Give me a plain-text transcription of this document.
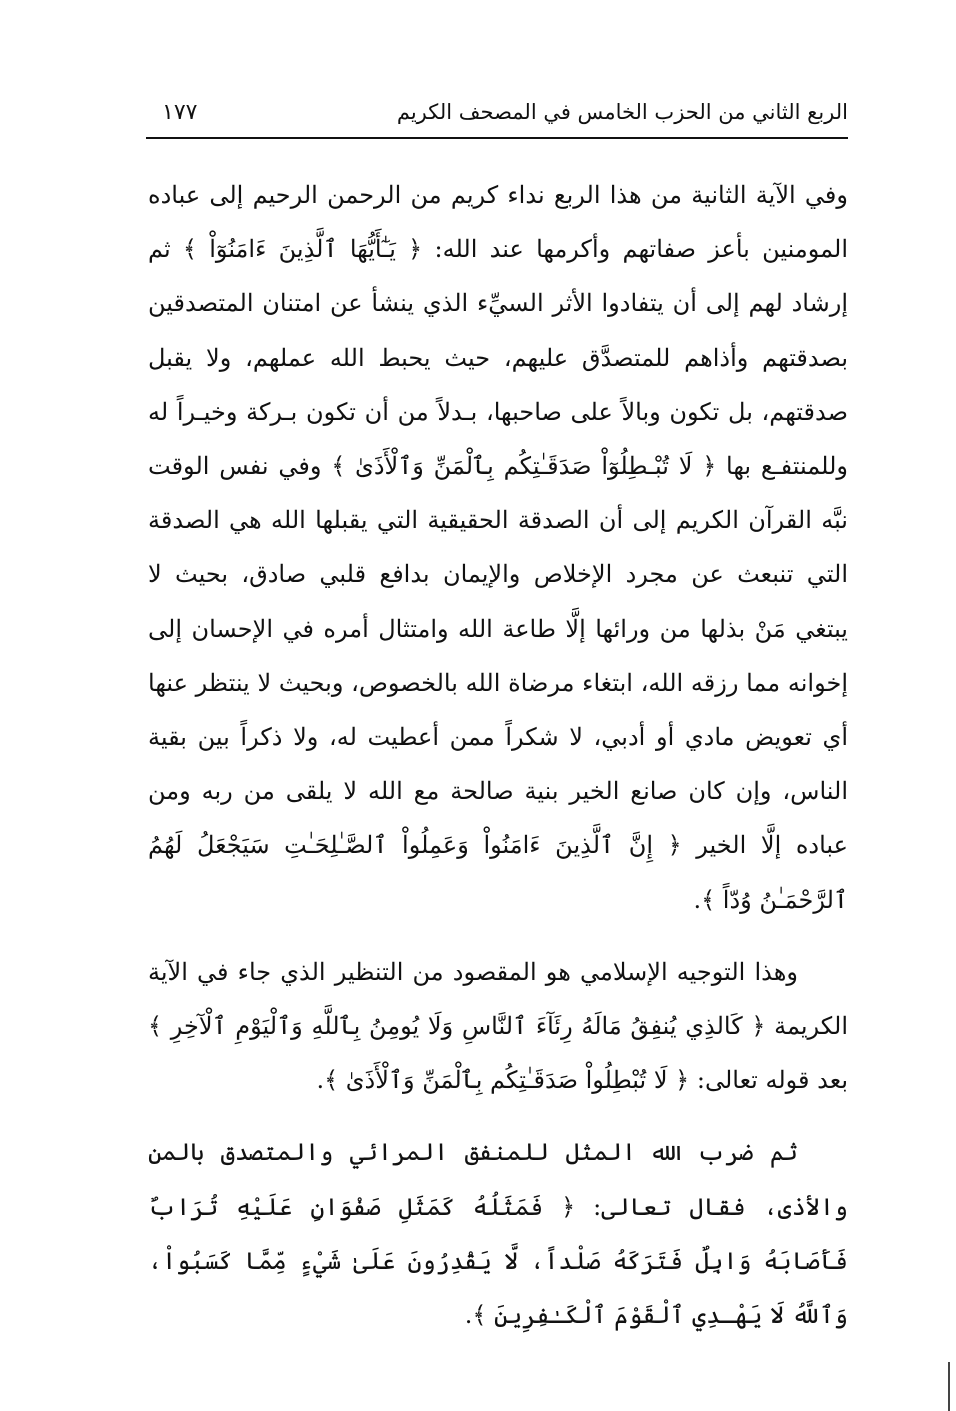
الربع الثاني من الحزب الخامس في المصحف الكريم
١٧٧

وفي الآية الثانية من هذا الربع نداء كريم من الرحمن الرحيم إلى عباده المومنين بأعز صفاتهم وأكرمها عند الله: ﴿ يَـٰٓأَيُّهَا ٱلَّذِينَ ءَامَنُوٓاْ ﴾ ثم إرشاد لهم إلى أن يتفادوا الأثر السيِّء الذي ينشأ عن امتنان المتصدقين بصدقتهم وأذاهم للمتصدَّق عليهم، حيث يحبط الله عملهم، ولا يقبل صدقتهم، بل تكون وبالاً على صاحبها، بـدلاً من أن تكون بـركة وخيـراً له وللمنتفـع بها ﴿ لَا تُبْـطِلُوٓاْ صَدَقَـٰتِكُم بِٱلْمَنِّ وَٱلْأَذَىٰ ﴾ وفي نفس الوقت نبَّه القرآن الكريم إلى أن الصدقة الحقيقية التي يقبلها الله هي الصدقة التي تنبعث عن مجرد الإخلاص والإيمان بدافع قلبي صادق، بحيث لا يبتغي مَنْ بذلها من ورائها إلَّا طاعة الله وامتثال أمره في الإحسان إلى إخوانه مما رزقه الله، ابتغاء مرضاة الله بالخصوص، وبحيث لا ينتظر عنها أي تعويض مادي أو أدبي، لا شكراً ممن أعطيت له، ولا ذكراً بين بقية الناس، وإن كان صانع الخير بنية صالحة مع الله لا يلقى من ربه ومن عباده إلَّا الخير ﴿ إِنَّ ٱلَّذِينَ ءَامَنُواْ وَعَمِلُواْ ٱلصَّـٰلِحَـٰتِ سَيَجْعَلُ لَهُمُ ٱلرَّحْمَـٰنُ وُدّاً ﴾.

وهذا التوجيه الإسلامي هو المقصود من التنظير الذي جاء في الآية الكريمة ﴿ كَالذِي يُنفِقُ مَالَهُ رِئَآءَ ٱلنَّاسِ وَلَا يُومِنُ بِٱللَّهِ وَٱلْيَوْمِ ٱلْآخِرِ ﴾ بعد قوله تعالى: ﴿ لَا تُبْطِلُواْ صَدَقَـٰتِكُم بِٱلْمَنِّ وَٱلْأَذَىٰ ﴾.

ثم ضرب الله المثل للمنفق المرائي والمتصدق بالمن والأذى، فقال تعالى: ﴿ فَمَثَلُهُ كَمَثَلِ صَفْوَانٍ عَلَيْهِ تُرَابٌ فَأَصَابَهُ وَابِلٌ فَتَرَكَهُ صَلْداً، لَّا يَقْدِرُونَ عَلَىٰ شَيْءٍ مِّمَّا كَسَبُواْ، وَٱللَّهُ لَا يَهْـدِي ٱلْقَوْمَ ٱلْكَـٰفِرِينَ ﴾.
